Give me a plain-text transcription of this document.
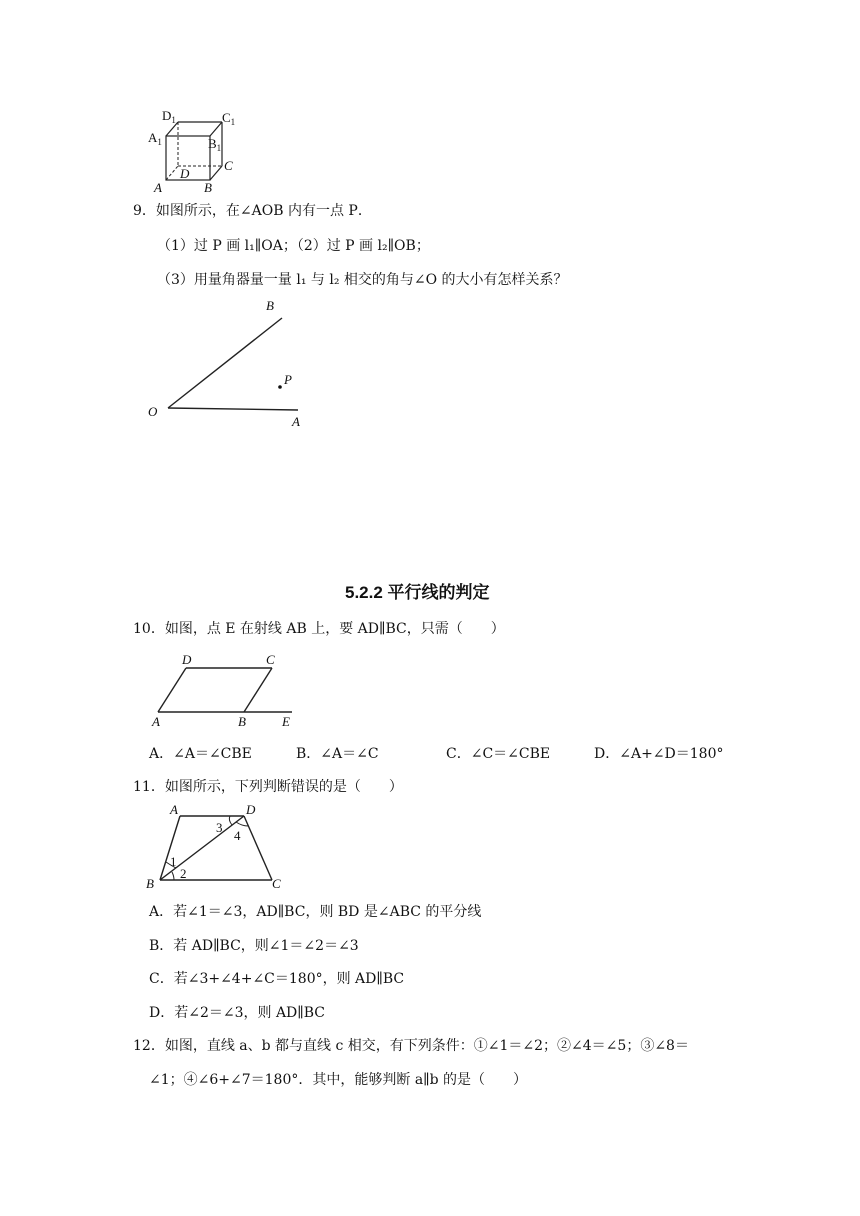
$D_1$	$C_1$
$A_1$	$B_1$
C
D
A	B
9．如图所示，在∠AOB 内有一点 P．
（1）过 P 画 l₁∥OA；（2）过 P 画 l₂∥OB；
（3）用量角器量一量 l₁ 与 l₂ 相交的角与∠O 的大小有怎样关系？
B
P
O
A
5.2.2 平行线的判定
10．如图，点 E 在射线 AB 上，要 AD∥BC，只需（　　）
D	C
A	B	E
A．∠A＝∠CBE	B．∠A＝∠C	C．∠C＝∠CBE	D．∠A+∠D＝180°
11．如图所示，下列判断错误的是（　　）
A	D
B	C
1
2
3
4
A．若∠1＝∠3，AD∥BC，则 BD 是∠ABC 的平分线
B．若 AD∥BC，则∠1＝∠2＝∠3
C．若∠3+∠4+∠C＝180°，则 AD∥BC
D．若∠2＝∠3，则 AD∥BC
12．如图，直线 a、b 都与直线 c 相交，有下列条件：①∠1＝∠2；②∠4＝∠5；③∠8＝
∠1；④∠6+∠7＝180°．其中，能够判断 a∥b 的是（　　）
